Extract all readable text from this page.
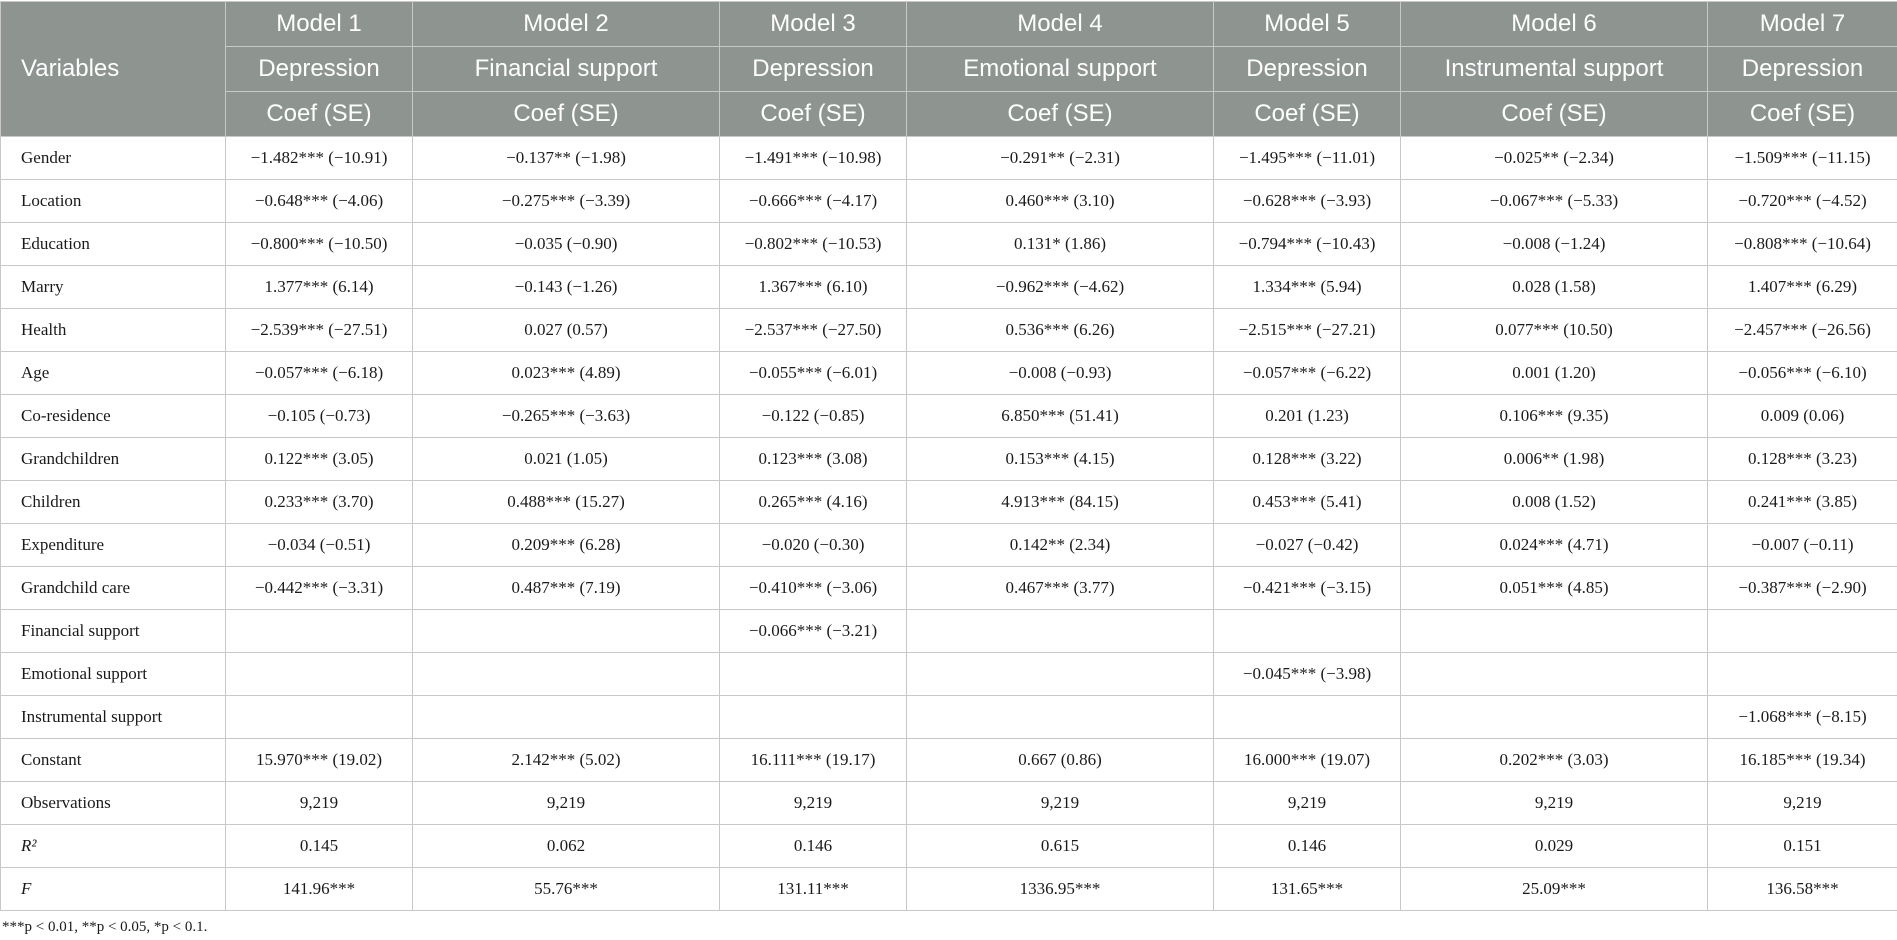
Variables	Model 1	Model 2	Model 3	Model 4	Model 5	Model 6	Model 7
	Depression	Financial support	Depression	Emotional support	Depression	Instrumental support	Depression
	Coef (SE)	Coef (SE)	Coef (SE)	Coef (SE)	Coef (SE)	Coef (SE)	Coef (SE)
Gender	−1.482*** (−10.91)	−0.137** (−1.98)	−1.491*** (−10.98)	−0.291** (−2.31)	−1.495*** (−11.01)	−0.025** (−2.34)	−1.509*** (−11.15)
Location	−0.648*** (−4.06)	−0.275*** (−3.39)	−0.666*** (−4.17)	0.460*** (3.10)	−0.628*** (−3.93)	−0.067*** (−5.33)	−0.720*** (−4.52)
Education	−0.800*** (−10.50)	−0.035 (−0.90)	−0.802*** (−10.53)	0.131* (1.86)	−0.794*** (−10.43)	−0.008 (−1.24)	−0.808*** (−10.64)
Marry	1.377*** (6.14)	−0.143 (−1.26)	1.367*** (6.10)	−0.962*** (−4.62)	1.334*** (5.94)	0.028 (1.58)	1.407*** (6.29)
Health	−2.539*** (−27.51)	0.027 (0.57)	−2.537*** (−27.50)	0.536*** (6.26)	−2.515*** (−27.21)	0.077*** (10.50)	−2.457*** (−26.56)
Age	−0.057*** (−6.18)	0.023*** (4.89)	−0.055*** (−6.01)	−0.008 (−0.93)	−0.057*** (−6.22)	0.001 (1.20)	−0.056*** (−6.10)
Co-residence	−0.105 (−0.73)	−0.265*** (−3.63)	−0.122 (−0.85)	6.850*** (51.41)	0.201 (1.23)	0.106*** (9.35)	0.009 (0.06)
Grandchildren	0.122*** (3.05)	0.021 (1.05)	0.123*** (3.08)	0.153*** (4.15)	0.128*** (3.22)	0.006** (1.98)	0.128*** (3.23)
Children	0.233*** (3.70)	0.488*** (15.27)	0.265*** (4.16)	4.913*** (84.15)	0.453*** (5.41)	0.008 (1.52)	0.241*** (3.85)
Expenditure	−0.034 (−0.51)	0.209*** (6.28)	−0.020 (−0.30)	0.142** (2.34)	−0.027 (−0.42)	0.024*** (4.71)	−0.007 (−0.11)
Grandchild care	−0.442*** (−3.31)	0.487*** (7.19)	−0.410*** (−3.06)	0.467*** (3.77)	−0.421*** (−3.15)	0.051*** (4.85)	−0.387*** (−2.90)
Financial support			−0.066*** (−3.21)				
Emotional support					−0.045*** (−3.98)		
Instrumental support							−1.068*** (−8.15)
Constant	15.970*** (19.02)	2.142*** (5.02)	16.111*** (19.17)	0.667 (0.86)	16.000*** (19.07)	0.202*** (3.03)	16.185*** (19.34)
Observations	9,219	9,219	9,219	9,219	9,219	9,219	9,219
R²	0.145	0.062	0.146	0.615	0.146	0.029	0.151
F	141.96***	55.76***	131.11***	1336.95***	131.65***	25.09***	136.58***
***p < 0.01, **p < 0.05, *p < 0.1.
